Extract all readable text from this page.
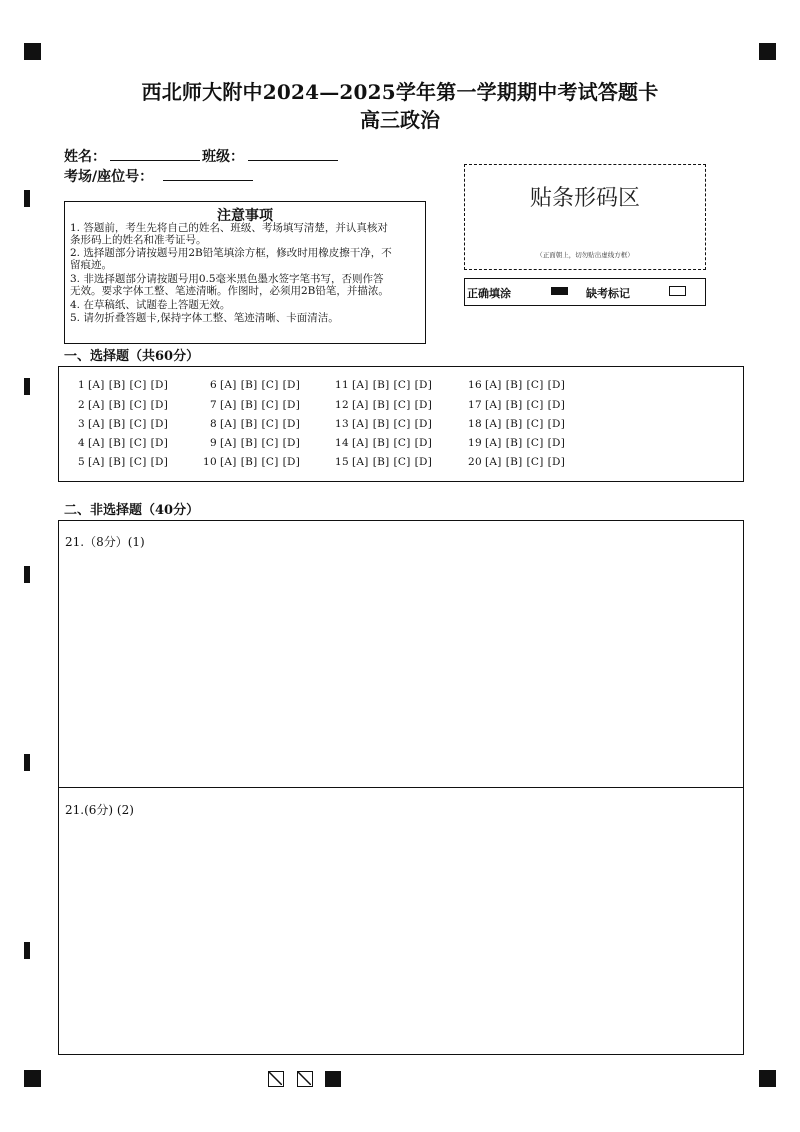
西北师大附中2024—2025学年第一学期期中考试答题卡
高三政治
姓名：	班级：
考场/座位号：
注意事项
1. 答题前，考生先将自己的姓名、班级、考场填写清楚，并认真核对
条形码上的姓名和准考证号。
2. 选择题部分请按题号用2B铅笔填涂方框，修改时用橡皮擦干净，不
留痕迹。
3. 非选择题部分请按题号用0.5毫米黑色墨水签字笔书写，否则作答
无效。要求字体工整、笔迹清晰。作图时，必须用2B铅笔，并描浓。
4. 在草稿纸、试题卷上答题无效。
5. 请勿折叠答题卡,保持字体工整、笔迹清晰、卡面清洁。
贴条形码区
（正面朝上，切勿贴出虚线方框）
正确填涂	缺考标记
一、选择题（共60分）
1 [A] [B] [C] [D]
2 [A] [B] [C] [D]
3 [A] [B] [C] [D]
4 [A] [B] [C] [D]
5 [A] [B] [C] [D]
6 [A] [B] [C] [D]
7 [A] [B] [C] [D]
8 [A] [B] [C] [D]
9 [A] [B] [C] [D]
10 [A] [B] [C] [D]
11 [A] [B] [C] [D]
12 [A] [B] [C] [D]
13 [A] [B] [C] [D]
14 [A] [B] [C] [D]
15 [A] [B] [C] [D]
16 [A] [B] [C] [D]
17 [A] [B] [C] [D]
18 [A] [B] [C] [D]
19 [A] [B] [C] [D]
20 [A] [B] [C] [D]
二、非选择题（40分）
21.（8分）(1)
21.(6分) (2)
